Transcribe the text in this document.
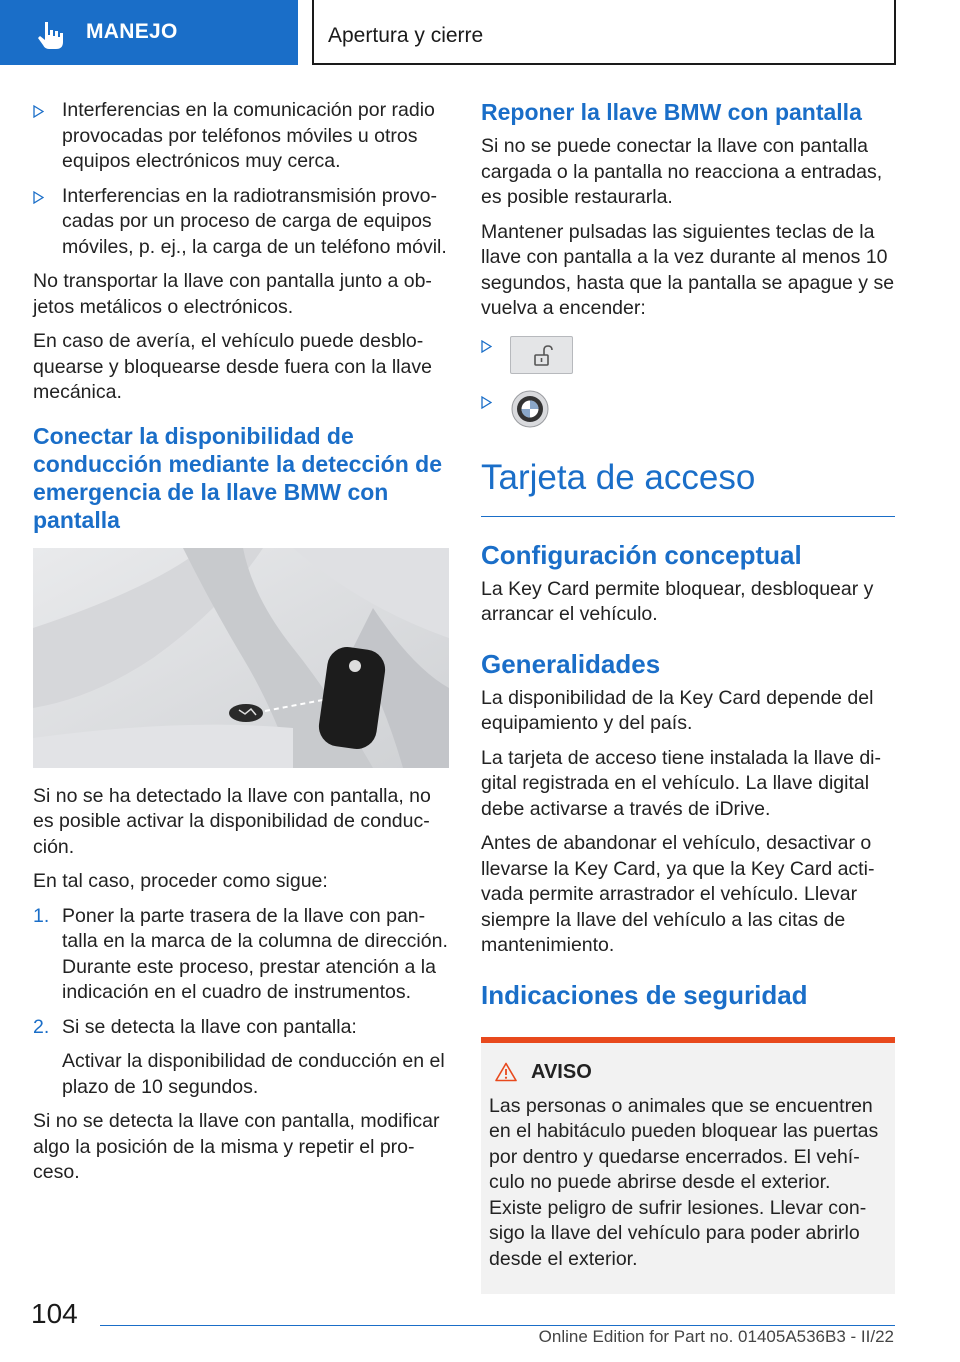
MANEJO	Apertura y cierre
Interferencias en la comunicación por radio provocadas por teléfonos móviles u otros equipos electrónicos muy cerca.
Interferencias en la radiotransmisión provocadas por un proceso de carga de equipos móviles, p. ej., la carga de un teléfono móvil.

No transportar la llave con pantalla junto a objetos metálicos o electrónicos.

En caso de avería, el vehículo puede desbloquearse y bloquearse desde fuera con la llave mecánica.

Conectar la disponibilidad de conducción mediante la detección de emergencia de la llave BMW con pantalla

Si no se ha detectado la llave con pantalla, no es posible activar la disponibilidad de conducción.

En tal caso, proceder como sigue:

1. Poner la parte trasera de la llave con pantalla en la marca de la columna de dirección. Durante este proceso, prestar atención a la indicación en el cuadro de instrumentos.
2. Si se detecta la llave con pantalla:
Activar la disponibilidad de conducción en el plazo de 10 segundos.

Si no se detecta la llave con pantalla, modificar algo la posición de la misma y repetir el proceso.

Reponer la llave BMW con pantalla

Si no se puede conectar la llave con pantalla cargada o la pantalla no reacciona a entradas, es posible restaurarla.

Mantener pulsadas las siguientes teclas de la llave con pantalla a la vez durante al menos 10 segundos, hasta que la pantalla se apague y se vuelva a encender:

Tarjeta de acceso
Configuración conceptual

La Key Card permite bloquear, desbloquear y arrancar el vehículo.

Generalidades

La disponibilidad de la Key Card depende del equipamiento y del país.

La tarjeta de acceso tiene instalada la llave digital registrada en el vehículo. La llave digital debe activarse a través de iDrive.

Antes de abandonar el vehículo, desactivar o llevarse la Key Card, ya que la Key Card activada permite arrastrador el vehículo. Llevar siempre la llave del vehículo a las citas de mantenimiento.

Indicaciones de seguridad
AVISO

Las personas o animales que se encuentren en el habitáculo pueden bloquear las puertas por dentro y quedarse encerrados. El vehículo no puede abrirse desde el exterior. Existe peligro de sufrir lesiones. Llevar consigo la llave del vehículo para poder abrirlo desde el exterior.

104
Online Edition for Part no. 01405A536B3 - II/22
